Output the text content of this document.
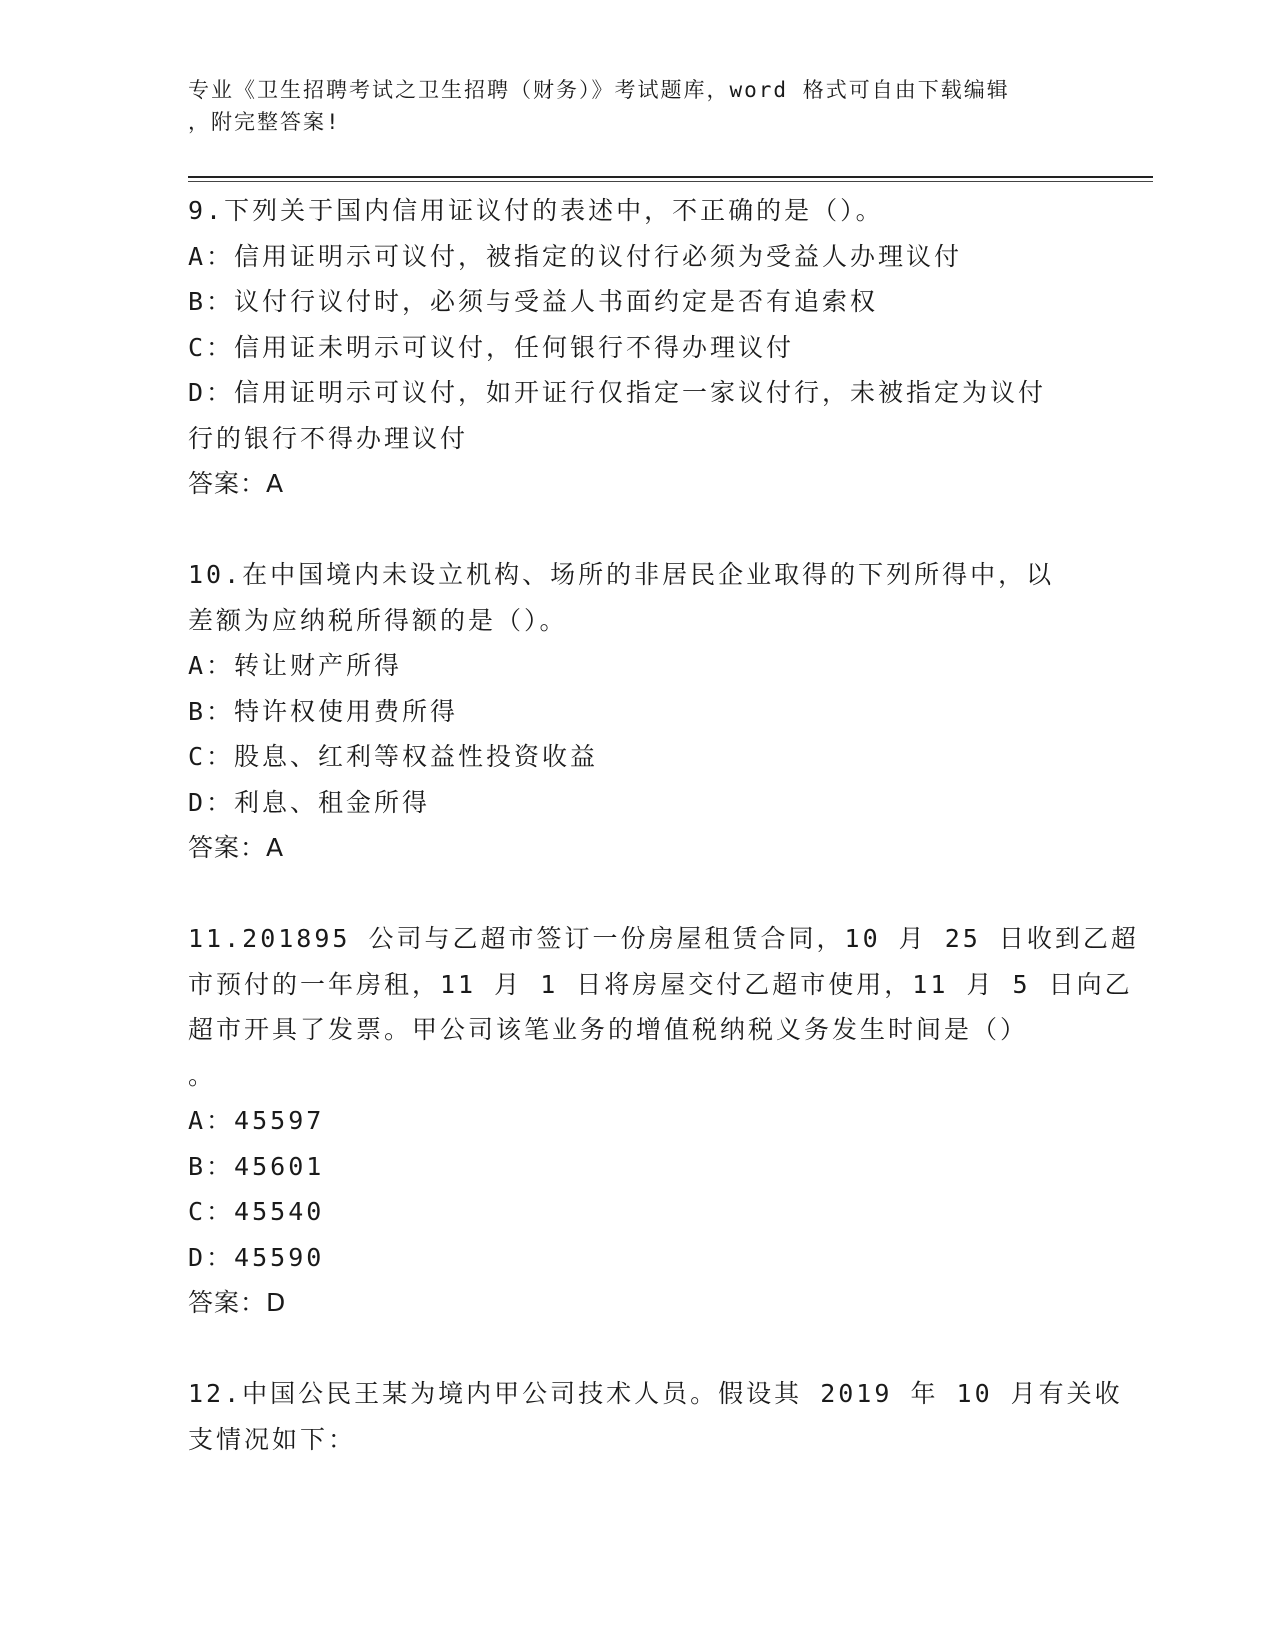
专业《卫生招聘考试之卫生招聘（财务）》考试题库，word 格式可自由下载编辑
，附完整答案!
9.下列关于国内信用证议付的表述中，不正确的是（）。
A：信用证明示可议付，被指定的议付行必须为受益人办理议付
B：议付行议付时，必须与受益人书面约定是否有追索权
C：信用证未明示可议付，任何银行不得办理议付
D：信用证明示可议付，如开证行仅指定一家议付行，未被指定为议付
行的银行不得办理议付
答案：A
10.在中国境内未设立机构、场所的非居民企业取得的下列所得中，以
差额为应纳税所得额的是（）。
A：转让财产所得
B：特许权使用费所得
C：股息、红利等权益性投资收益
D：利息、租金所得
答案：A
11.201895 公司与乙超市签订一份房屋租赁合同，10 月 25 日收到乙超
市预付的一年房租，11 月 1 日将房屋交付乙超市使用，11 月 5 日向乙
超市开具了发票。甲公司该笔业务的增值税纳税义务发生时间是（）
。
A：45597
B：45601
C：45540
D：45590
答案：D
12.中国公民王某为境内甲公司技术人员。假设其 2019 年 10 月有关收
支情况如下：
